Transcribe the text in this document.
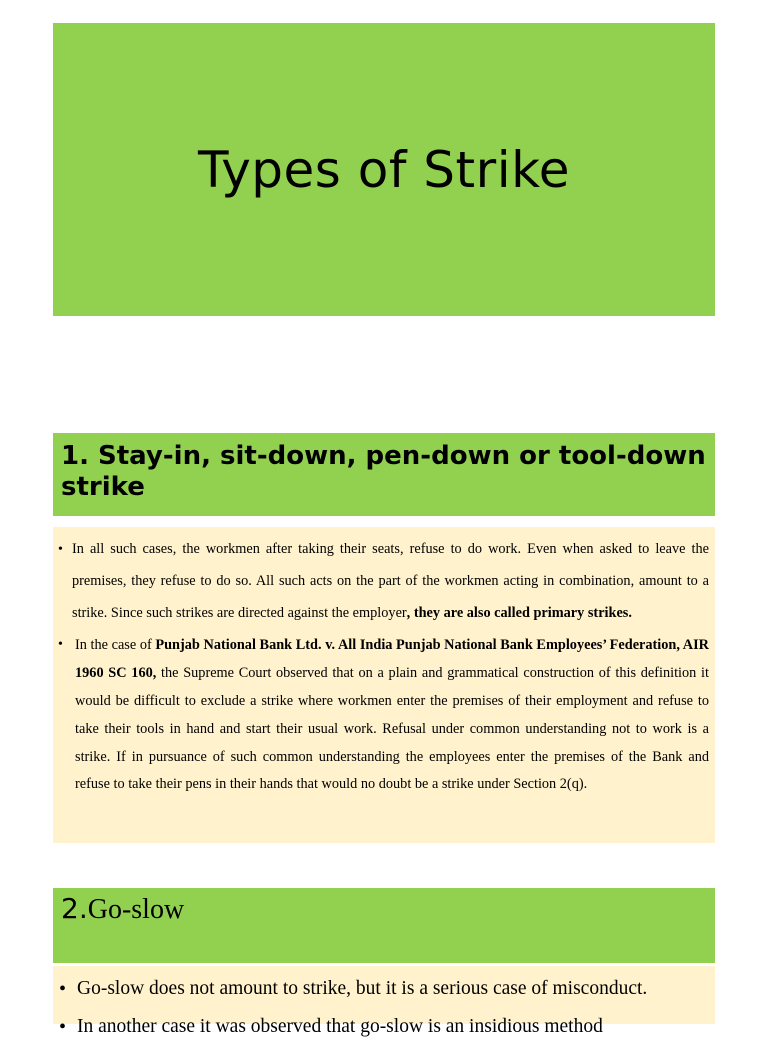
Types of Strike
1. Stay-in, sit-down, pen-down or tool-down strike
• In all such cases, the workmen after taking their seats, refuse to do work. Even when asked to leave the premises, they refuse to do so. All such acts on the part of the workmen acting in combination, amount to a strike. Since such strikes are directed against the employer, they are also called primary strikes.
• In the case of Punjab National Bank Ltd. v. All India Punjab National Bank Employees’ Federation, AIR 1960 SC 160, the Supreme Court observed that on a plain and grammatical construction of this definition it would be difficult to exclude a strike where workmen enter the premises of their employment and refuse to take their tools in hand and start their usual work. Refusal under common understanding not to work is a strike. If in pursuance of such common understanding the employees enter the premises of the Bank and refuse to take their pens in their hands that would no doubt be a strike under Section 2(q).
2.Go-slow
• Go-slow does not amount to strike, but it is a serious case of misconduct.
• In another case it was observed that go-slow is an insidious method
